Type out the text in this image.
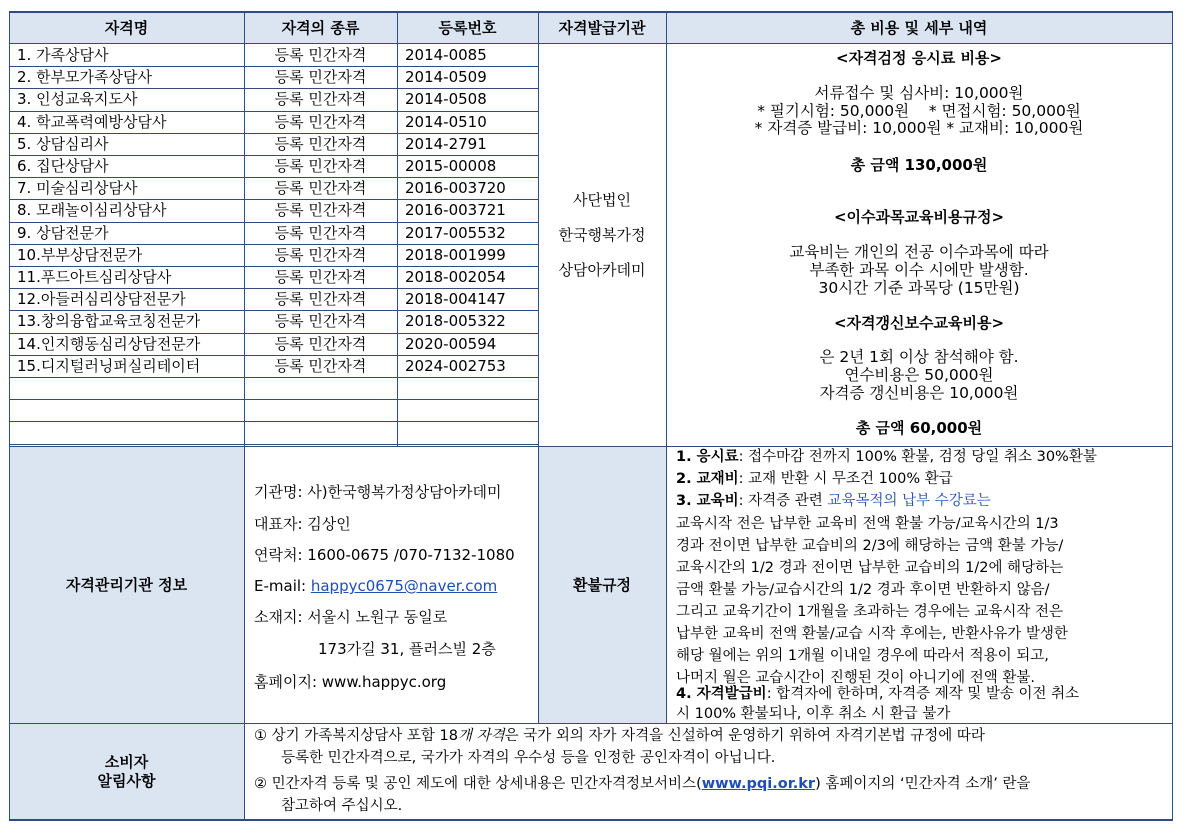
자격명	자격의 종류	등록번호	자격발급기관	총 비용 및 세부 내역
1. 가족상담사	등록 민간자격	2014-0085
2. 한부모가족상담사	등록 민간자격	2014-0509
3. 인성교육지도사	등록 민간자격	2014-0508
4. 학교폭력예방상담사	등록 민간자격	2014-0510
5. 상담심리사	등록 민간자격	2014-2791
6. 집단상담사	등록 민간자격	2015-00008
7. 미술심리상담사	등록 민간자격	2016-003720
8. 모래놀이심리상담사	등록 민간자격	2016-003721
9. 상담전문가	등록 민간자격	2017-005532
10.부부상담전문가	등록 민간자격	2018-001999
11.푸드아트심리상담사	등록 민간자격	2018-002054
12.아들러심리상담전문가	등록 민간자격	2018-004147
13.창의융합교육코칭전문가	등록 민간자격	2018-005322
14.인지행동심리상담전문가	등록 민간자격	2020-00594
15.디지털러닝퍼실리테이터	등록 민간자격	2024-002753
사단법인
한국행복가정
상담아카데미
<자격검정 응시료 비용>
서류접수 및 심사비: 10,000원
* 필기시험: 50,000원    * 면접시험: 50,000원
* 자격증 발급비: 10,000원 * 교재비: 10,000원
총 금액 130,000원
<이수과목교육비용규정>
교육비는 개인의 전공 이수과목에 따라
부족한 과목 이수 시에만 발생함.
30시간 기준 과목당 (15만원)
<자격갱신보수교육비용>
은 2년 1회 이상 참석해야 함.
연수비용은 50,000원
자격증 갱신비용은 10,000원
총 금액 60,000원
자격관리기관 정보
기관명: 사)한국행복가정상담아카데미
대표자: 김상인
연락처: 1600-0675 /070-7132-1080
E-mail: happyc0675@naver.com
소재지: 서울시 노원구 동일로
173가길 31, 플러스빌 2층
홈페이지: www.happyc.org
환불규정
1. 응시료: 접수마감 전까지 100% 환불, 검정 당일 취소 30%환불
2. 교재비: 교재 반환 시 무조건 100% 환급
3. 교육비: 자격증 관련 교육목적의 납부 수강료는
교육시작 전은 납부한 교육비 전액 환불 가능/교육시간의 1/3
경과 전이면 납부한 교습비의 2/3에 해당하는 금액 환불 가능/
교육시간의 1/2 경과 전이면 납부한 교습비의 1/2에 해당하는
금액 환불 가능/교습시간의 1/2 경과 후이면 반환하지 않음/
그리고 교육기간이 1개월을 초과하는 경우에는 교육시작 전은
납부한 교육비 전액 환불/교습 시작 후에는, 반환사유가 발생한
해당 월에는 위의 1개월 이내일 경우에 따라서 적용이 되고,
나머지 월은 교습시간이 진행된 것이 아니기에 전액 환불.
4. 자격발급비: 합격자에 한하며, 자격증 제작 및 발송 이전 취소
시 100% 환불되나, 이후 취소 시 환급 불가
소비자
알림사항
① 상기 가족복지상담사 포함 18개 자격은 국가 외의 자가 자격을 신설하여 운영하기 위하여 자격기본법 규정에 따라
등록한 민간자격으로, 국가가 자격의 우수성 등을 인정한 공인자격이 아닙니다.
② 민간자격 등록 및 공인 제도에 대한 상세내용은 민간자격정보서비스(www.pqi.or.kr) 홈페이지의 ‘민간자격 소개’ 란을
참고하여 주십시오.
